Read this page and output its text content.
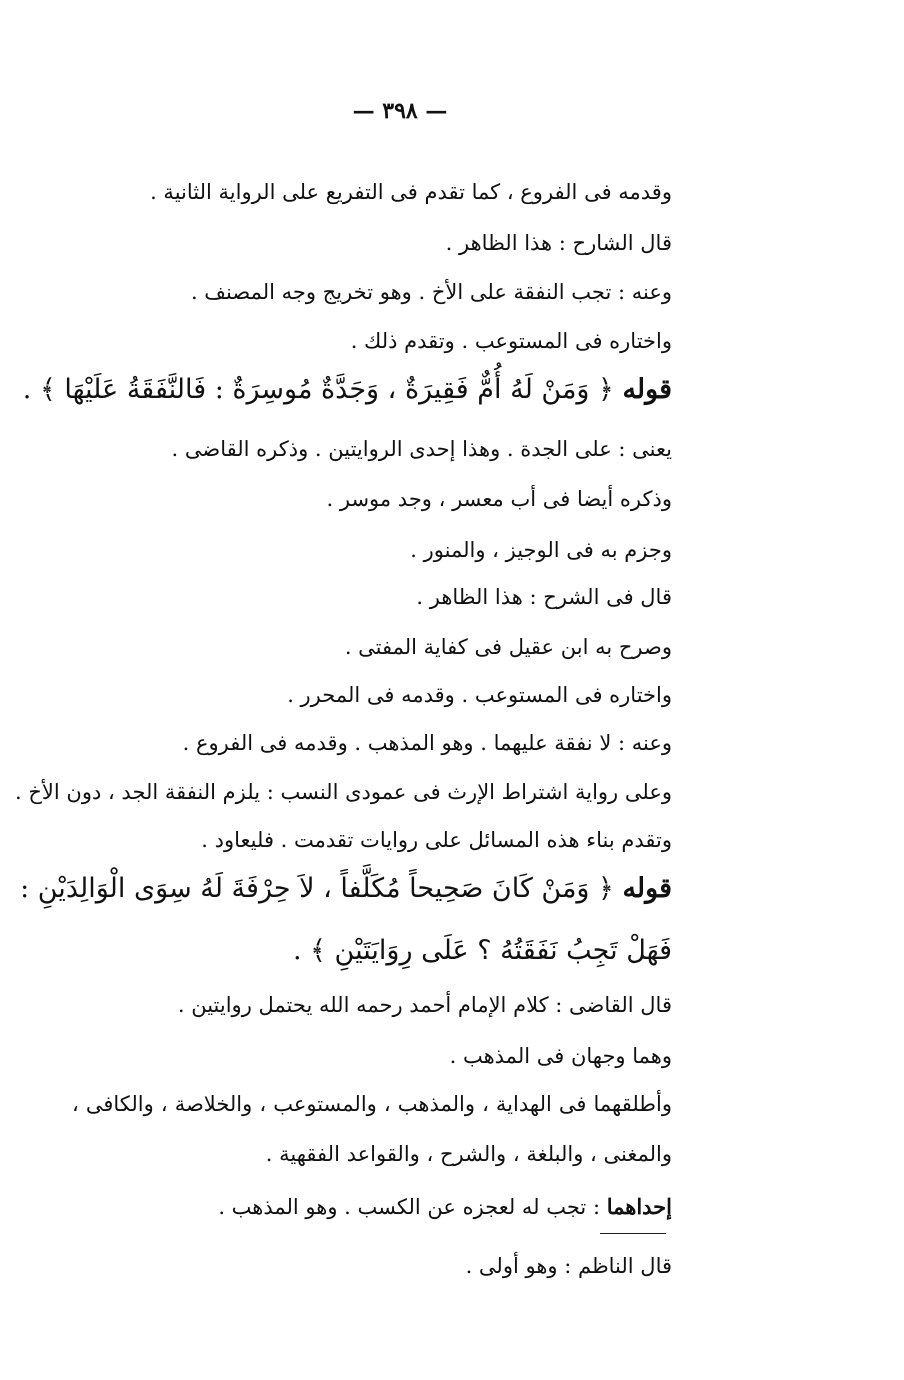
— ٣٩٨ —
وقدمه فى الفروع ، كما تقدم فى التفريع على الرواية الثانية .
قال الشارح : هذا الظاهر .
وعنه : تجب النفقة على الأخ . وهو تخريج وجه المصنف .
واختاره فى المستوعب . وتقدم ذلك .
قوله ﴿ وَمَنْ لَهُ أُمٌّ فَقِيرَةٌ ، وَجَدَّةٌ مُوسِرَةٌ : فَالنَّفَقَةُ عَلَيْهَا ﴾ .
يعنى : على الجدة . وهذا إحدى الروايتين . وذكره القاضى .
وذكره أيضا فى أب معسر ، وجد موسر .
وجزم به فى الوجيز ، والمنور .
قال فى الشرح : هذا الظاهر .
وصرح به ابن عقيل فى كفاية المفتى .
واختاره فى المستوعب . وقدمه فى المحرر .
وعنه : لا نفقة عليهما . وهو المذهب . وقدمه فى الفروع .
وعلى رواية اشتراط الإرث فى عمودى النسب : يلزم النفقة الجد ، دون الأخ .
وتقدم بناء هذه المسائل على روايات تقدمت . فليعاود .
قوله ﴿ وَمَنْ كَانَ صَحِيحاً مُكَلَّفاً ، لاَ حِرْفَةَ لَهُ سِوَى الْوَالِدَيْنِ :
فَهَلْ تَجِبُ نَفَقَتُهُ ؟ عَلَى رِوَايَتَيْنِ ﴾ .
قال القاضى : كلام الإمام أحمد رحمه الله يحتمل روايتين .
وهما وجهان فى المذهب .
وأطلقهما فى الهداية ، والمذهب ، والمستوعب ، والخلاصة ، والكافى ،
والمغنى ، والبلغة ، والشرح ، والقواعد الفقهية .
إحداهما : تجب له لعجزه عن الكسب . وهو المذهب .
قال الناظم : وهو أولى .
